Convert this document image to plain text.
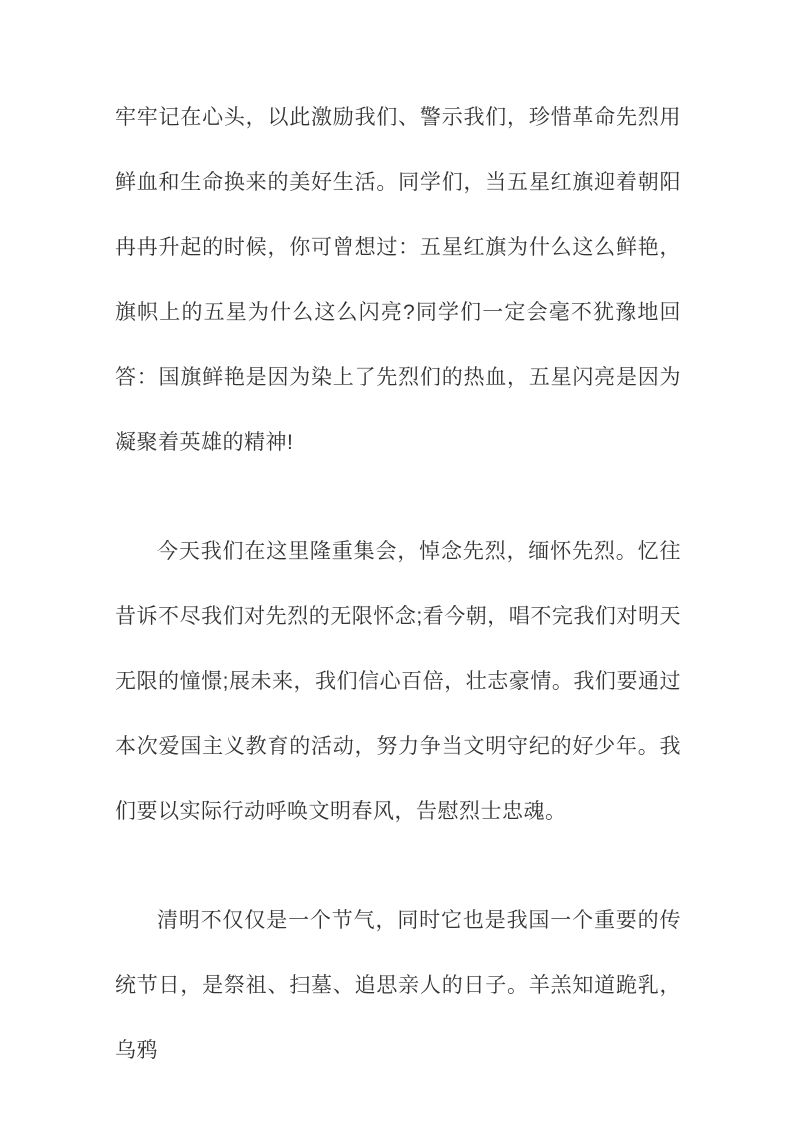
牢牢记在心头，以此激励我们、警示我们，珍惜革命先烈用鲜血和生命换来的美好生活。同学们，当五星红旗迎着朝阳冉冉升起的时候，你可曾想过：五星红旗为什么这么鲜艳，旗帜上的五星为什么这么闪亮?同学们一定会毫不犹豫地回答：国旗鲜艳是因为染上了先烈们的热血，五星闪亮是因为凝聚着英雄的精神!

今天我们在这里隆重集会，悼念先烈，缅怀先烈。忆往昔诉不尽我们对先烈的无限怀念;看今朝，唱不完我们对明天无限的憧憬;展未来，我们信心百倍，壮志豪情。我们要通过本次爱国主义教育的活动，努力争当文明守纪的好少年。我们要以实际行动呼唤文明春风，告慰烈士忠魂。

清明不仅仅是一个节气，同时它也是我国一个重要的传统节日，是祭祖、扫墓、追思亲人的日子。羊羔知道跪乳，乌鸦
